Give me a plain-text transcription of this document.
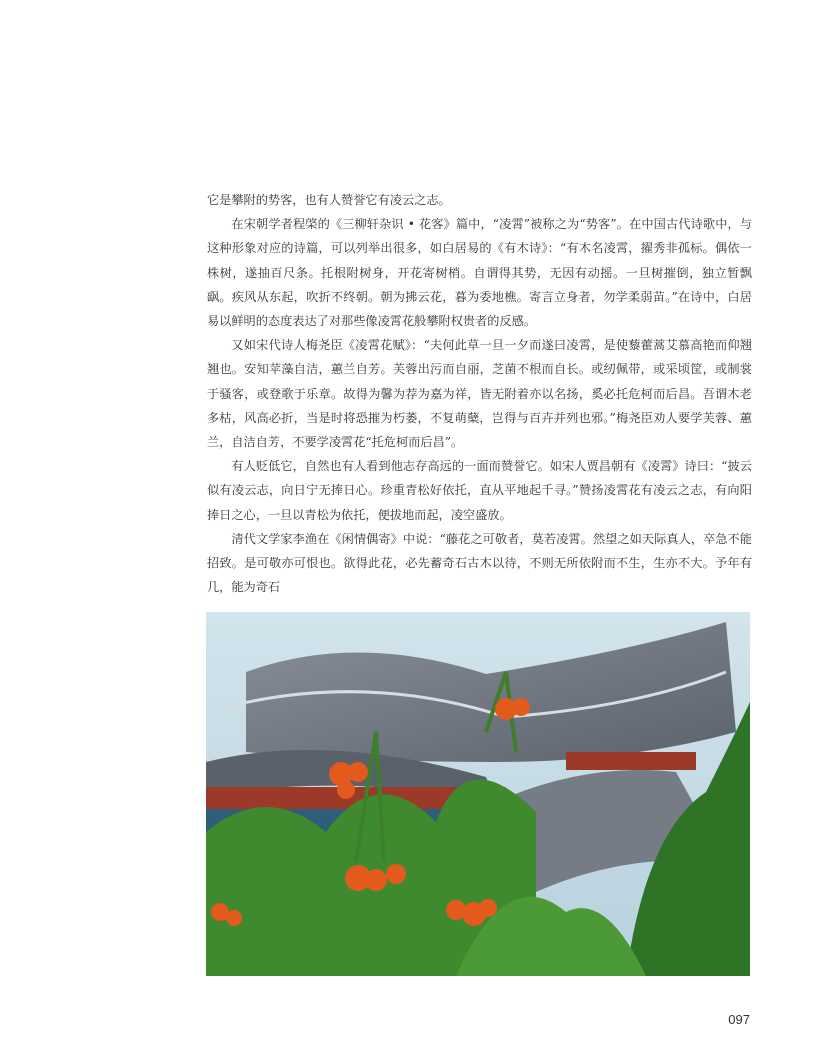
它是攀附的势客，也有人赞誉它有凌云之志。

在宋朝学者程棨的《三柳轩杂识 • 花客》篇中，“凌霄”被称之为“势客”。在中国古代诗歌中，与这种形象对应的诗篇，可以列举出很多，如白居易的《有木诗》：“有木名凌霄，擢秀非孤标。偶依一株树，遂抽百尺条。托根附树身，开花寄树梢。自谓得其势，无因有动摇。一旦树摧倒，独立暂飘飖。疾风从东起，吹折不终朝。朝为拂云花，暮为委地樵。寄言立身者，勿学柔弱苗。”在诗中，白居易以鲜明的态度表达了对那些像凌霄花般攀附权贵者的反感。

又如宋代诗人梅尧臣《凌霄花赋》：“夫何此草一旦一夕而遂曰凌霄，是使藜藿蒿艾慕高艳而仰翘翘也。安知苹藻自洁，蕙兰自芳。芙蓉出污而自丽，芝菌不根而自长。或纫佩带，或采顷筐，或制裳于骚客，或登歌于乐章。故得为馨为荐为嘉为祥，皆无附着亦以名扬，奚必托危柯而后昌。吾谓木老多枯，风高必折，当是时将恐摧为朽萎，不复萌蘖，岂得与百卉并列也邪。”梅尧臣劝人要学芙蓉、蕙兰，自洁自芳，不要学凌霄花“托危柯而后昌”。

有人贬低它，自然也有人看到他志存高远的一面而赞誉它。如宋人贾昌朝有《凌霄》诗曰：“披云似有凌云志，向日宁无捧日心。珍重青松好依托，直从平地起千寻。”赞扬凌霄花有凌云之志，有向阳捧日之心，一旦以青松为依托，便拔地而起，凌空盛放。

清代文学家李渔在《闲情偶寄》中说：“藤花之可敬者，莫若凌霄。然望之如天际真人，卒急不能招致。是可敬亦可恨也。欲得此花，必先蓄奇石古木以待，不则无所依附而不生，生亦不大。予年有几，能为奇石

097
